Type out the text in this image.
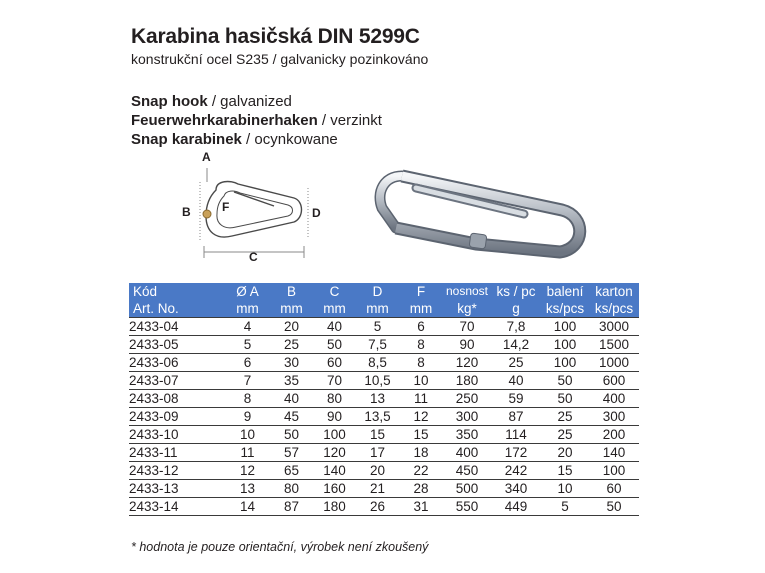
Karabina hasičská DIN 5299C
konstrukční ocel S235 / galvanicky pozinkováno
Snap hook / galvanized
Feuerwehrkarabinerhaken / verzinkt
Snap karabinek / ocynkowane
A
B	F	D
C
Kód	Ø A	B	C	D	F	nosnost	ks / pc	balení	karton
Art. No.	mm	mm	mm	mm	mm	kg*	g	ks/pcs	ks/pcs
2433-04	4	20	40	5	6	70	7,8	100	3000
2433-05	5	25	50	7,5	8	90	14,2	100	1500
2433-06	6	30	60	8,5	8	120	25	100	1000
2433-07	7	35	70	10,5	10	180	40	50	600
2433-08	8	40	80	13	11	250	59	50	400
2433-09	9	45	90	13,5	12	300	87	25	300
2433-10	10	50	100	15	15	350	114	25	200
2433-11	11	57	120	17	18	400	172	20	140
2433-12	12	65	140	20	22	450	242	15	100
2433-13	13	80	160	21	28	500	340	10	60
2433-14	14	87	180	26	31	550	449	5	50
* hodnota je pouze orientační, výrobek není zkoušený
